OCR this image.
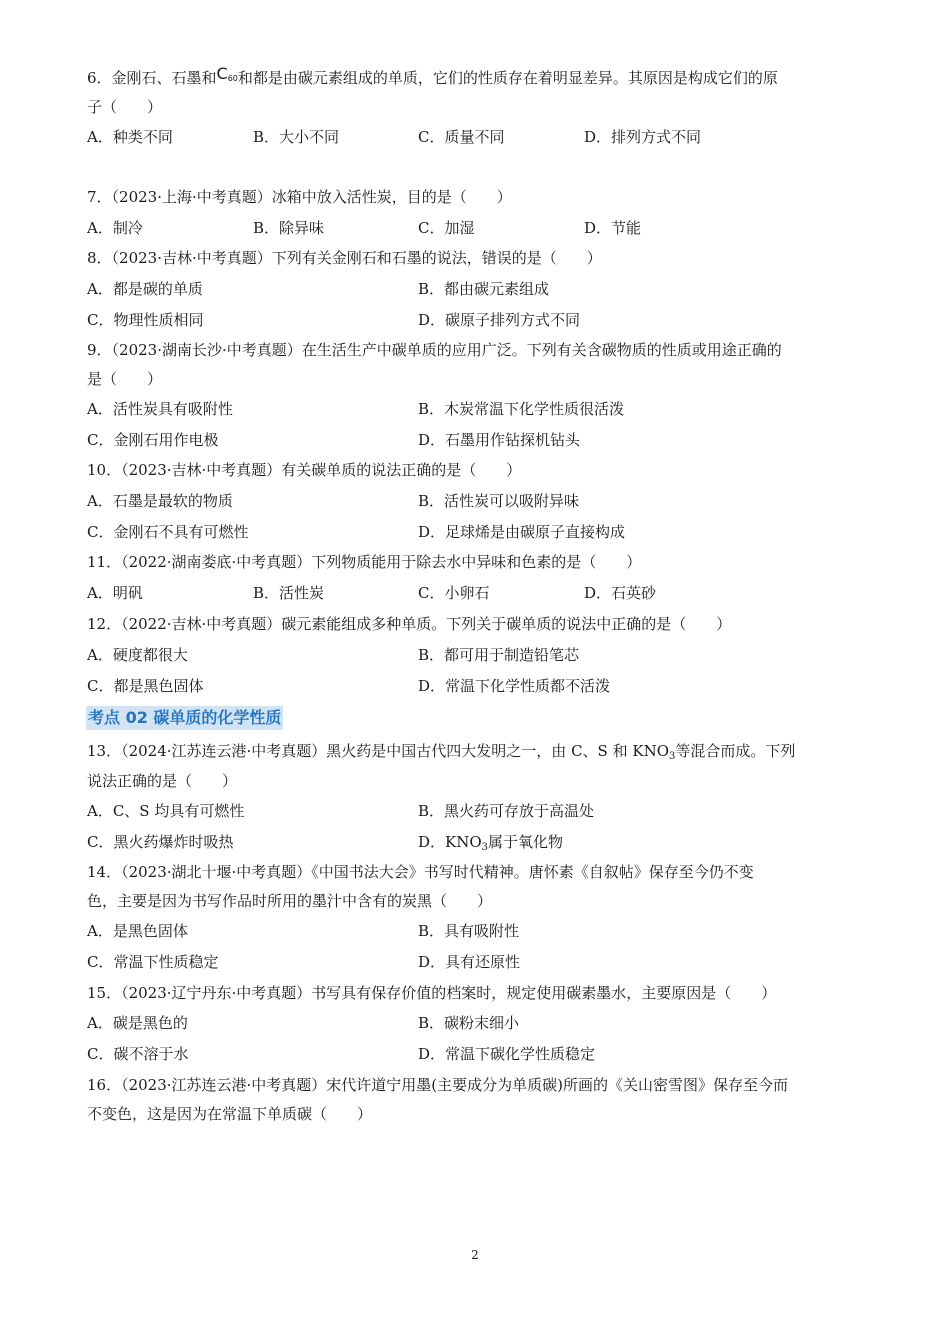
6．金刚石、石墨和C60和都是由碳元素组成的单质，它们的性质存在着明显差异。其原因是构成它们的原
子（　　）
A．种类不同	B．大小不同	C．质量不同	D．排列方式不同
7．（2023·上海·中考真题）冰箱中放入活性炭，目的是（　　）
A．制冷	B．除异味	C．加湿	D．节能
8．（2023·吉林·中考真题）下列有关金刚石和石墨的说法，错误的是（　　）
A．都是碳的单质	B．都由碳元素组成
C．物理性质相同	D．碳原子排列方式不同
9．（2023·湖南长沙·中考真题）在生活生产中碳单质的应用广泛。下列有关含碳物质的性质或用途正确的
是（　　）
A．活性炭具有吸附性	B．木炭常温下化学性质很活泼
C．金刚石用作电极	D．石墨用作钻探机钻头
10．（2023·吉林·中考真题）有关碳单质的说法正确的是（　　）
A．石墨是最软的物质	B．活性炭可以吸附异味
C．金刚石不具有可燃性	D．足球烯是由碳原子直接构成
11．（2022·湖南娄底·中考真题）下列物质能用于除去水中异味和色素的是（　　）
A．明矾	B．活性炭	C．小卵石	D．石英砂
12．（2022·吉林·中考真题）碳元素能组成多种单质。下列关于碳单质的说法中正确的是（　　）
A．硬度都很大	B．都可用于制造铅笔芯
C．都是黑色固体	D．常温下化学性质都不活泼
考点 02 碳单质的化学性质
13．（2024·江苏连云港·中考真题）黑火药是中国古代四大发明之一，由 C、S 和 $KNO_3$等混合而成。下列
说法正确的是（　　）
A．C、S 均具有可燃性	B．黑火药可存放于高温处
C．黑火药爆炸时吸热	D．$KNO_3$属于氧化物
14．（2023·湖北十堰·中考真题）《中国书法大会》书写时代精神。唐怀素《自叙帖》保存至今仍不变
色，主要是因为书写作品时所用的墨汁中含有的炭黑（　　）
A．是黑色固体	B．具有吸附性
C．常温下性质稳定	D．具有还原性
15．（2023·辽宁丹东·中考真题）书写具有保存价值的档案时，规定使用碳素墨水，主要原因是（　　）
A．碳是黑色的	B．碳粉末细小
C．碳不溶于水	D．常温下碳化学性质稳定
16．（2023·江苏连云港·中考真题）宋代许道宁用墨(主要成分为单质碳)所画的《关山密雪图》保存至今而
不变色，这是因为在常温下单质碳（　　）
2
